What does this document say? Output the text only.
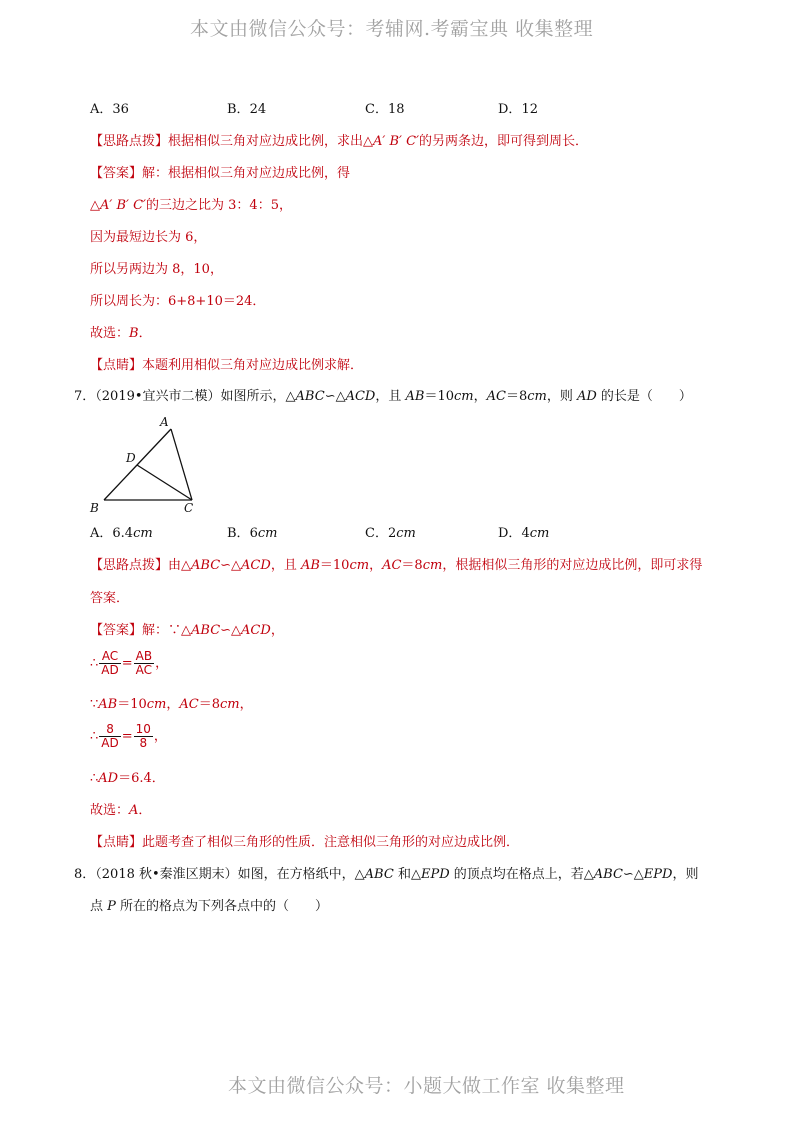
本文由微信公众号：考辅网.考霸宝典 收集整理
A．36	B．24	C．18	D．12
【思路点拨】根据相似三角对应边成比例，求出△A′ B′ C′的另两条边，即可得到周长．
【答案】解：根据相似三角对应边成比例，得
△A′ B′ C′的三边之比为 3：4：5，
因为最短边长为 6，
所以另两边为 8，10，
所以周长为：6+8+10＝24．
故选：B．
【点睛】本题利用相似三角对应边成比例求解．
7．（2019•宜兴市二模）如图所示，△ABC∽△ACD，且 AB＝10cm，AC＝8cm，则 AD 的长是（　　）
A
D
B	C
A．6.4cm	B．6cm	C．2cm	D．4cm
【思路点拨】由△ABC∽△ACD，且 AB＝10cm，AC＝8cm，根据相似三角形的对应边成比例，即可求得
答案．
【答案】解：∵△ABC∽△ACD，
∴ $\frac{AC}{AD} = \frac{AB}{AC}$ ，
∵AB＝10cm，AC＝8cm，
∴ $\frac{8}{AD} = \frac{10}{8}$ ，
∴AD＝6.4．
故选：A．
【点睛】此题考查了相似三角形的性质．注意相似三角形的对应边成比例．
8．（2018 秋•秦淮区期末）如图，在方格纸中，△ABC 和△EPD 的顶点均在格点上，若△ABC∽△EPD，则
点 P 所在的格点为下列各点中的（　　）
本文由微信公众号：小题大做工作室 收集整理
